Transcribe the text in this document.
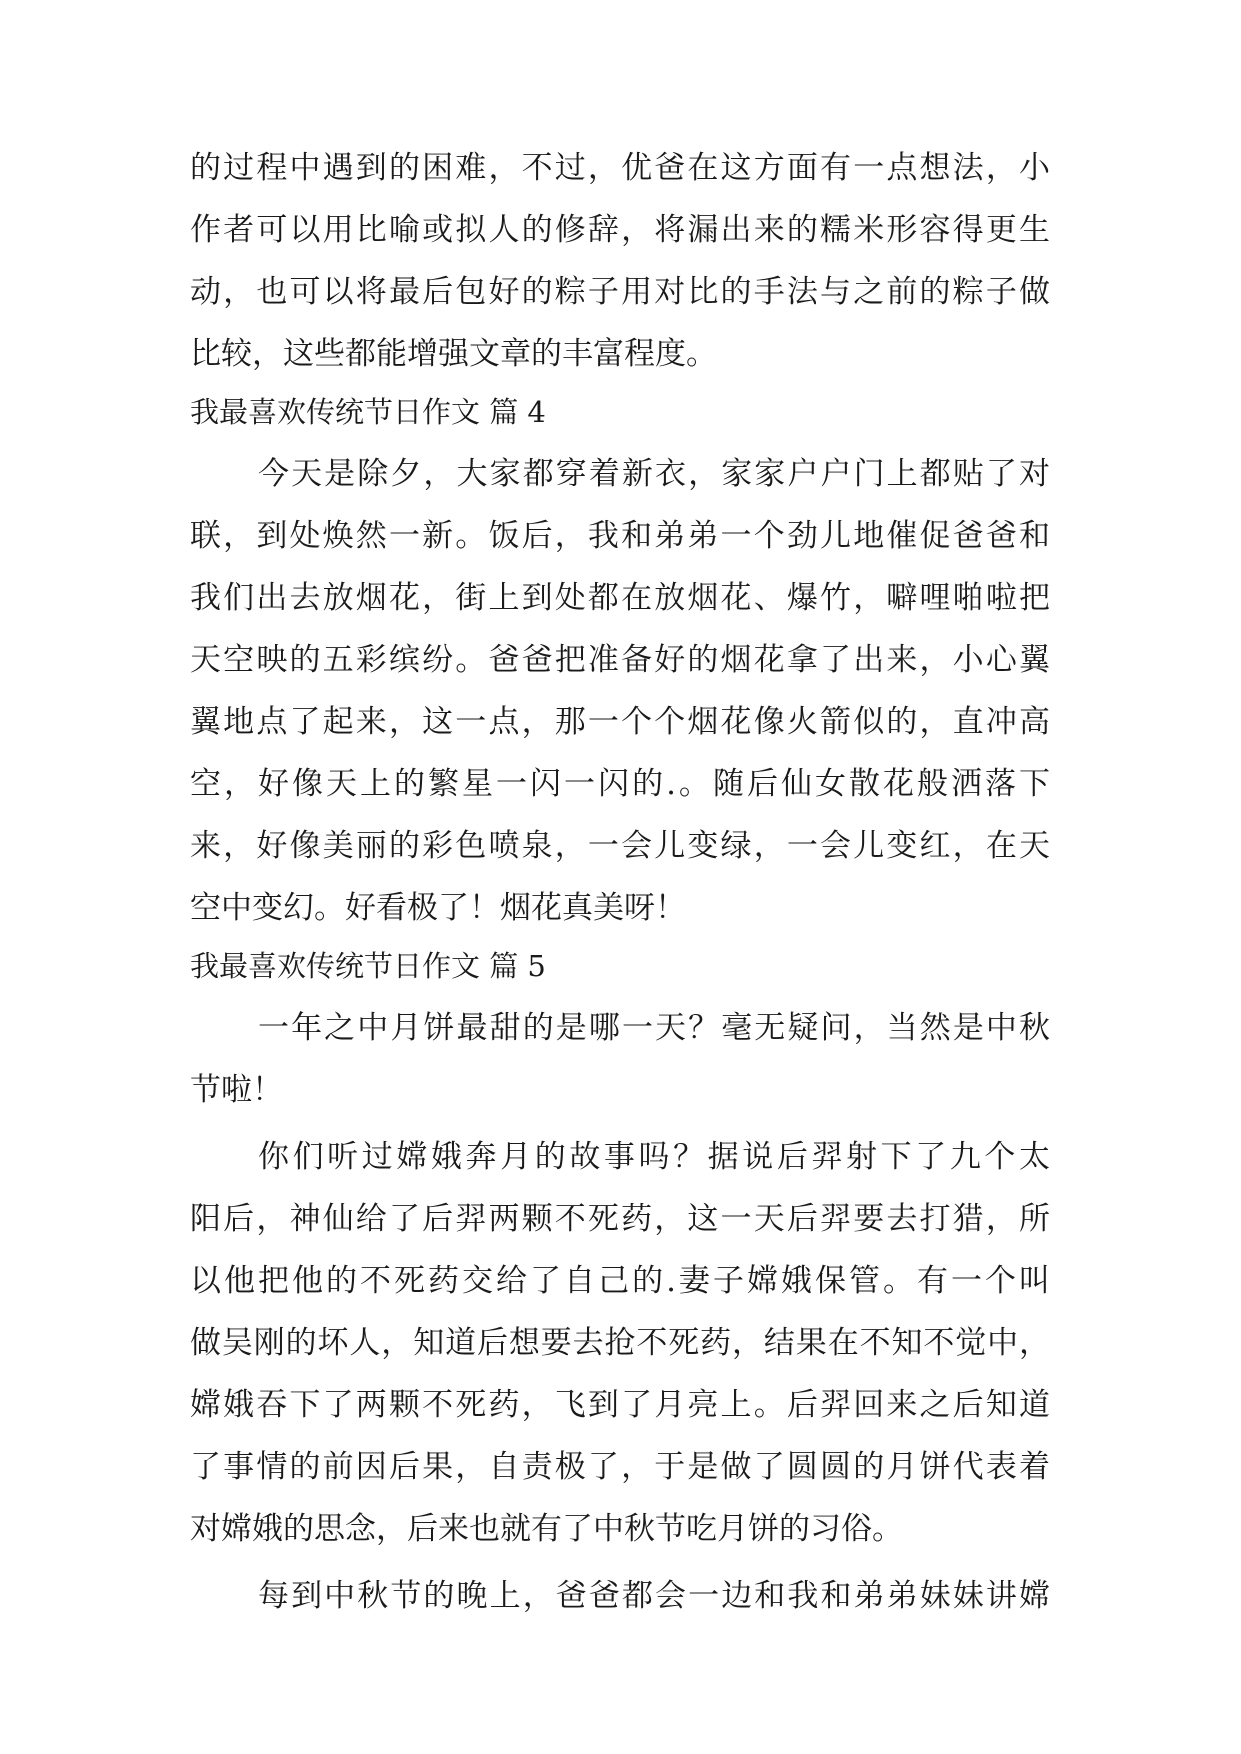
的过程中遇到的困难，不过，优爸在这方面有一点想法，小
作者可以用比喻或拟人的修辞，将漏出来的糯米形容得更生
动，也可以将最后包好的粽子用对比的手法与之前的粽子做
比较，这些都能增强文章的丰富程度。
我最喜欢传统节日作文 篇 4
今天是除夕，大家都穿着新衣，家家户户门上都贴了对
联，到处焕然一新。饭后，我和弟弟一个劲儿地催促爸爸和
我们出去放烟花，街上到处都在放烟花、爆竹，噼哩啪啦把
天空映的五彩缤纷。爸爸把准备好的烟花拿了出来，小心翼
翼地点了起来，这一点，那一个个烟花像火箭似的，直冲高
空，好像天上的繁星一闪一闪的.。随后仙女散花般洒落下
来，好像美丽的彩色喷泉，一会儿变绿，一会儿变红，在天
空中变幻。好看极了！烟花真美呀！
我最喜欢传统节日作文 篇 5
一年之中月饼最甜的是哪一天？毫无疑问，当然是中秋
节啦！
你们听过嫦娥奔月的故事吗？据说后羿射下了九个太
阳后，神仙给了后羿两颗不死药，这一天后羿要去打猎，所
以他把他的不死药交给了自己的.妻子嫦娥保管。有一个叫
做吴刚的坏人，知道后想要去抢不死药，结果在不知不觉中，
嫦娥吞下了两颗不死药，飞到了月亮上。后羿回来之后知道
了事情的前因后果，自责极了，于是做了圆圆的月饼代表着
对嫦娥的思念，后来也就有了中秋节吃月饼的习俗。
每到中秋节的晚上，爸爸都会一边和我和弟弟妹妹讲嫦
